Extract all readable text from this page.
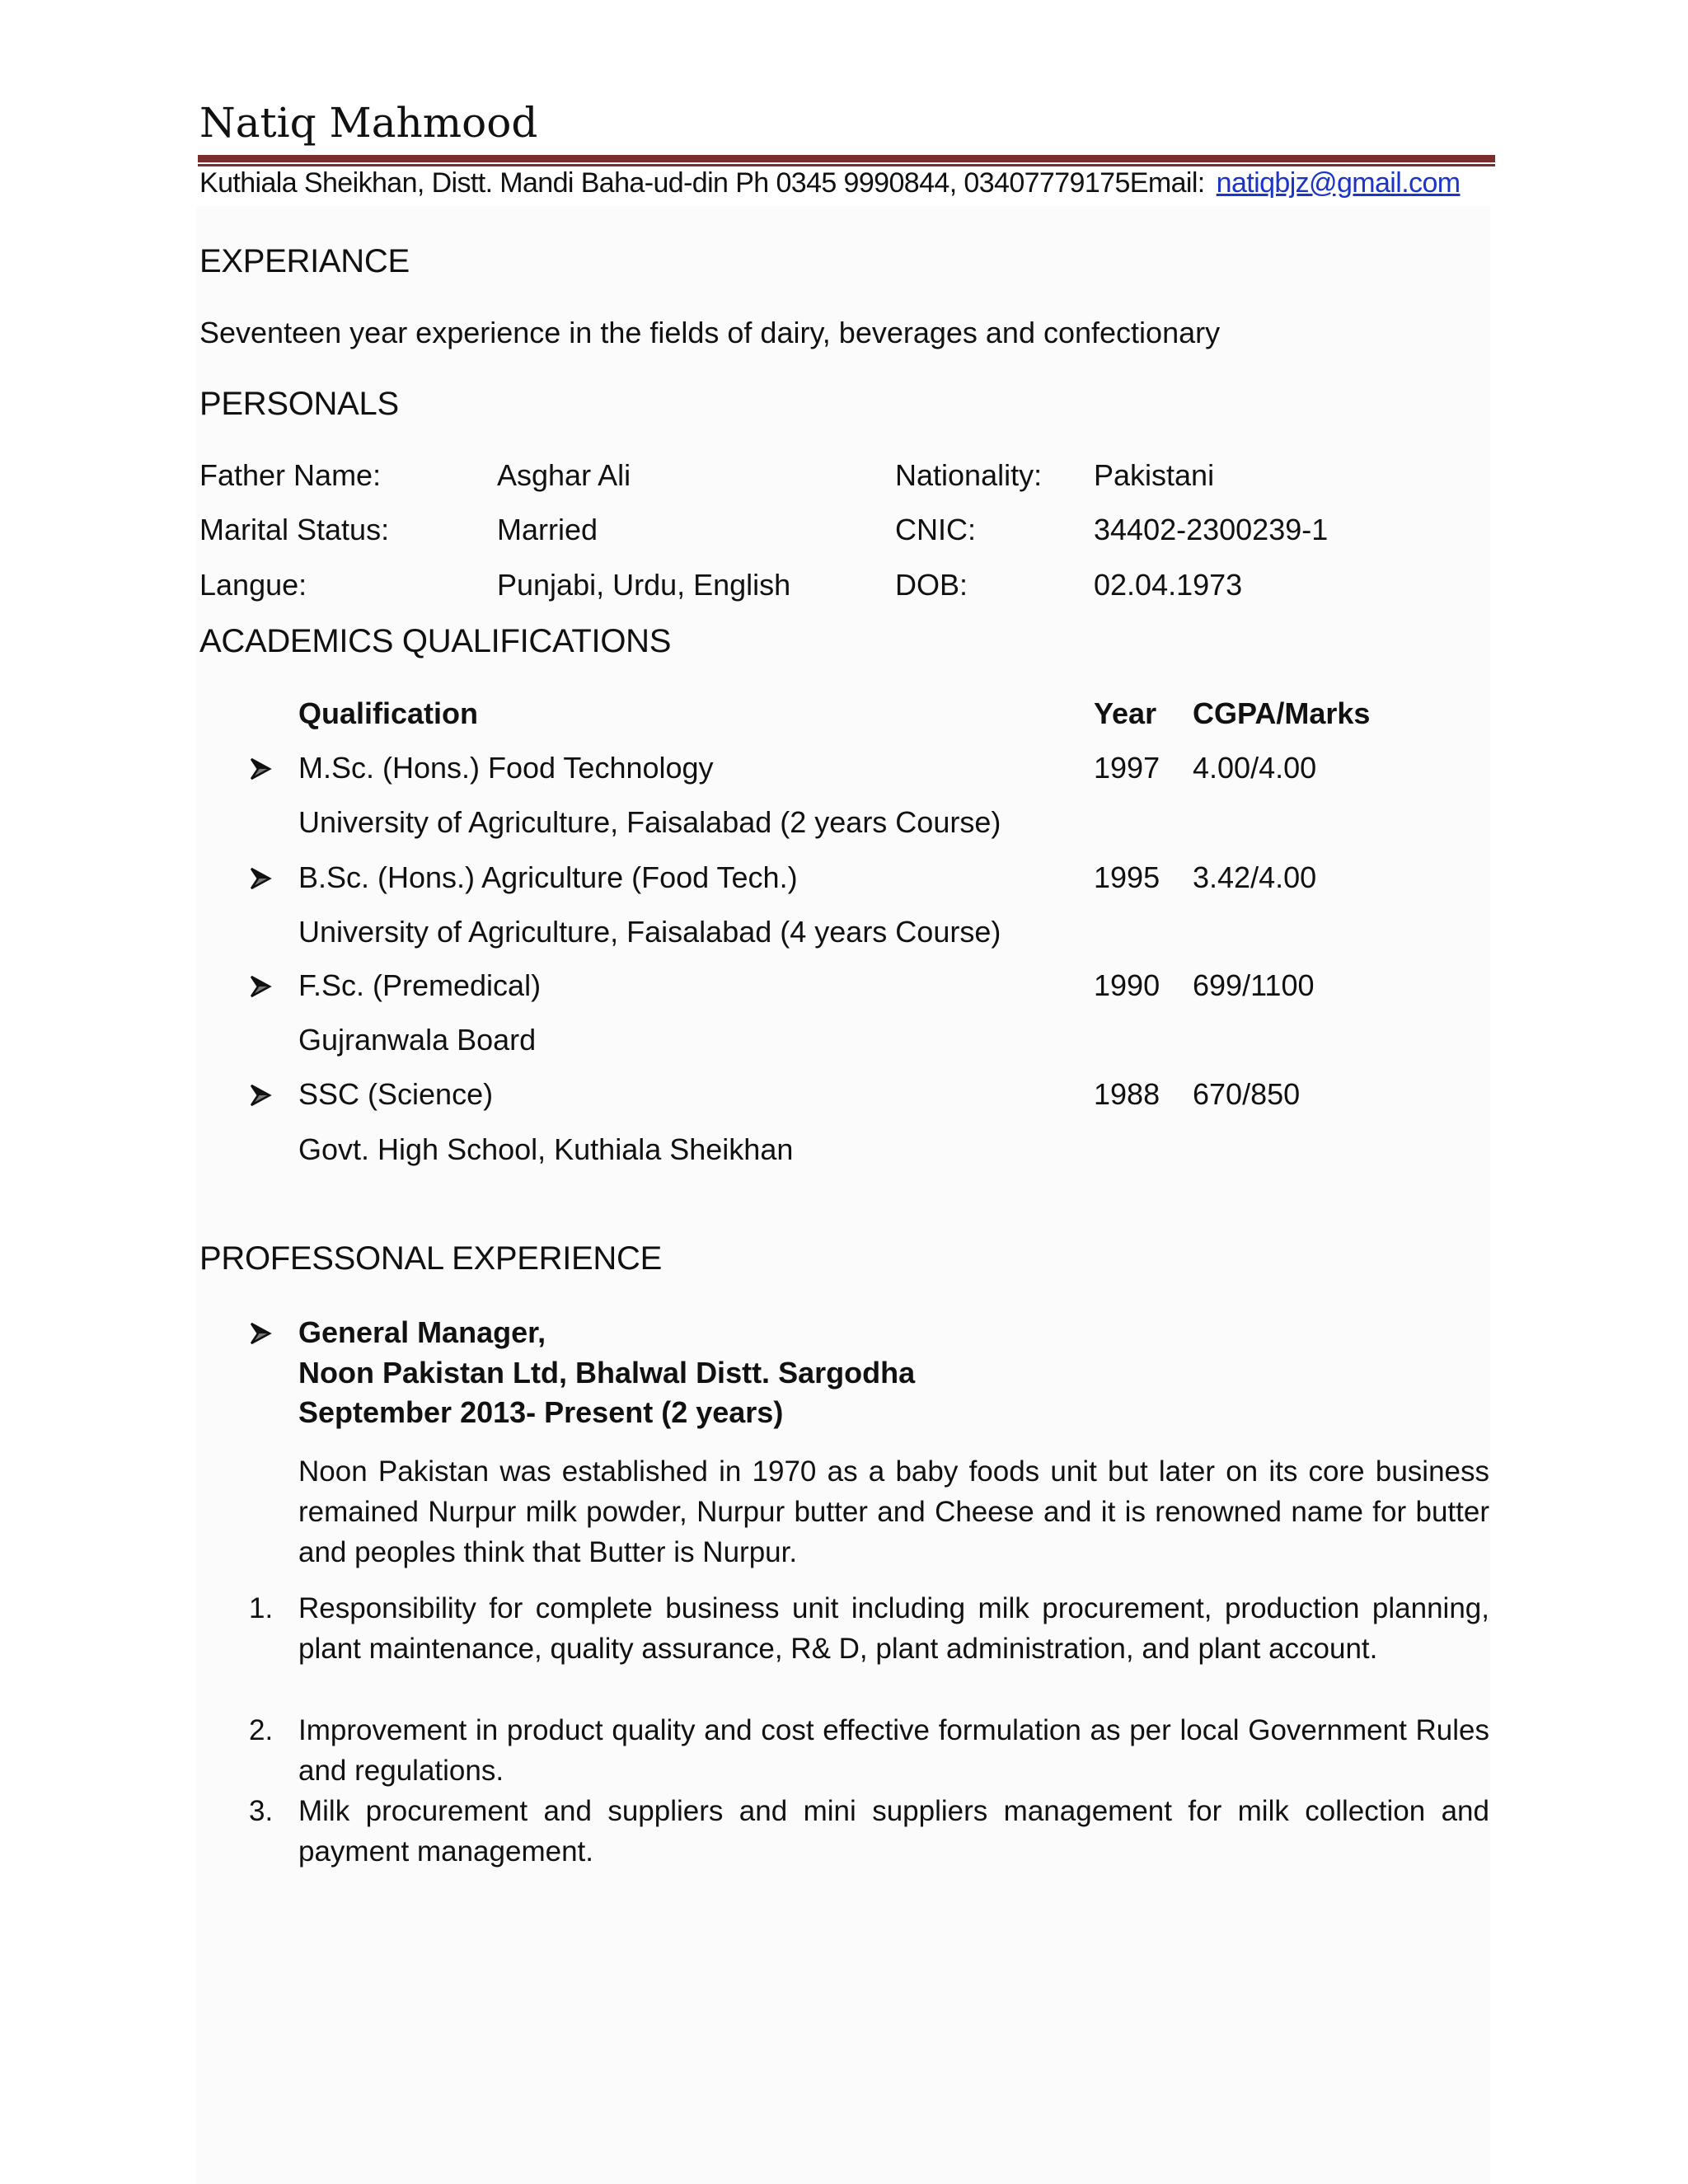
Natiq Mahmood
Kuthiala Sheikhan, Distt. Mandi Baha-ud-din Ph 0345 9990844, 03407779175Email: natiqbjz@gmail.com
EXPERIANCE
Seventeen year experience in the fields of dairy, beverages and confectionary
PERSONALS
Father Name:	Asghar Ali	Nationality: Pakistani
Marital Status:	Married	CNIC:	34402-2300239-1
Langue:	Punjabi, Urdu, English	DOB:	02.04.1973
ACADEMICS QUALIFICATIONS
Qualification	Year CGPA/Marks
M.Sc. (Hons.) Food Technology	1997 4.00/4.00
University of Agriculture, Faisalabad (2 years Course)
B.Sc. (Hons.) Agriculture (Food Tech.)	1995 3.42/4.00
University of Agriculture, Faisalabad (4 years Course)
F.Sc. (Premedical)	1990 699/1100
Gujranwala Board
SSC (Science)	1988 670/850
Govt. High School, Kuthiala Sheikhan
PROFESSONAL EXPERIENCE
General Manager,
Noon Pakistan Ltd, Bhalwal Distt. Sargodha
September 2013- Present (2 years)
Noon Pakistan was established in 1970 as a baby foods unit but later on its core business remained Nurpur milk powder, Nurpur butter and Cheese and it is renowned name for butter and peoples think that Butter is Nurpur.
1. Responsibility for complete business unit including milk procurement, production planning, plant maintenance, quality assurance, R& D, plant administration, and plant account.
2. Improvement in product quality and cost effective formulation as per local Government Rules and regulations.
3. Milk procurement and suppliers and mini suppliers management for milk collection and payment management.
